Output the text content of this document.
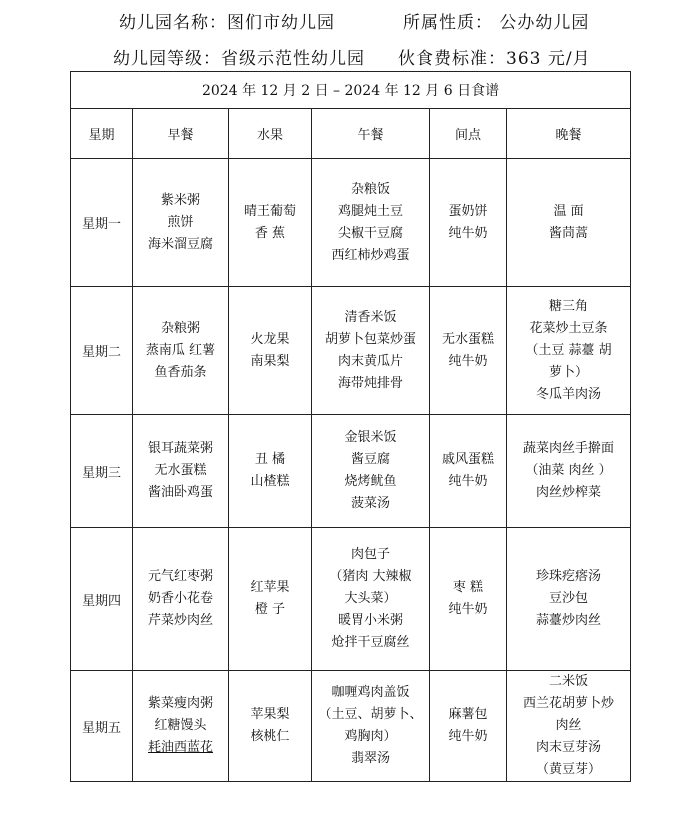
幼儿园名称：图们市幼儿园	所属性质： 公办幼儿园
幼儿园等级：省级示范性幼儿园 伙食费标准：363 元/月
2024 年 12 月 2 日 – 2024 年 12 月 6 日食谱					
星期	早餐	水果	午餐	间点	晚餐
星期一	紫米粥
煎饼
海米溜豆腐	晴王葡萄
香 蕉	杂粮饭
鸡腿炖土豆
尖椒干豆腐
西红柿炒鸡蛋	蛋奶饼
纯牛奶	温 面
酱茼蒿

星期二	杂粮粥
蒸南瓜 红薯
鱼香茄条	火龙果
南果梨	清香米饭
胡萝卜包菜炒蛋
肉末黄瓜片
海带炖排骨	无水蛋糕
纯牛奶	糖三角
花菜炒土豆条
（土豆 蒜薹 胡
萝卜）
冬瓜羊肉汤

星期三	银耳蔬菜粥
无水蛋糕
酱油卧鸡蛋	丑 橘
山楂糕	金银米饭
酱豆腐
烧烤鱿鱼
菠菜汤	戚风蛋糕
纯牛奶	蔬菜肉丝手擀面
（油菜 肉丝 ）
肉丝炒榨菜

星期四	元气红枣粥
奶香小花卷
芹菜炒肉丝	红苹果
橙 子	肉包子
（猪肉 大辣椒
大头菜）
暖胃小米粥
炝拌干豆腐丝	枣 糕
纯牛奶	珍珠疙瘩汤
豆沙包
蒜薹炒肉丝

星期五	紫菜瘦肉粥
红糖馒头
耗油西蓝花	苹果梨
核桃仁	咖喱鸡肉盖饭
（土豆、胡萝卜、
鸡胸肉）
翡翠汤	麻薯包
纯牛奶	二米饭
西兰花胡萝卜炒
肉丝
肉末豆芽汤
（黄豆芽）
